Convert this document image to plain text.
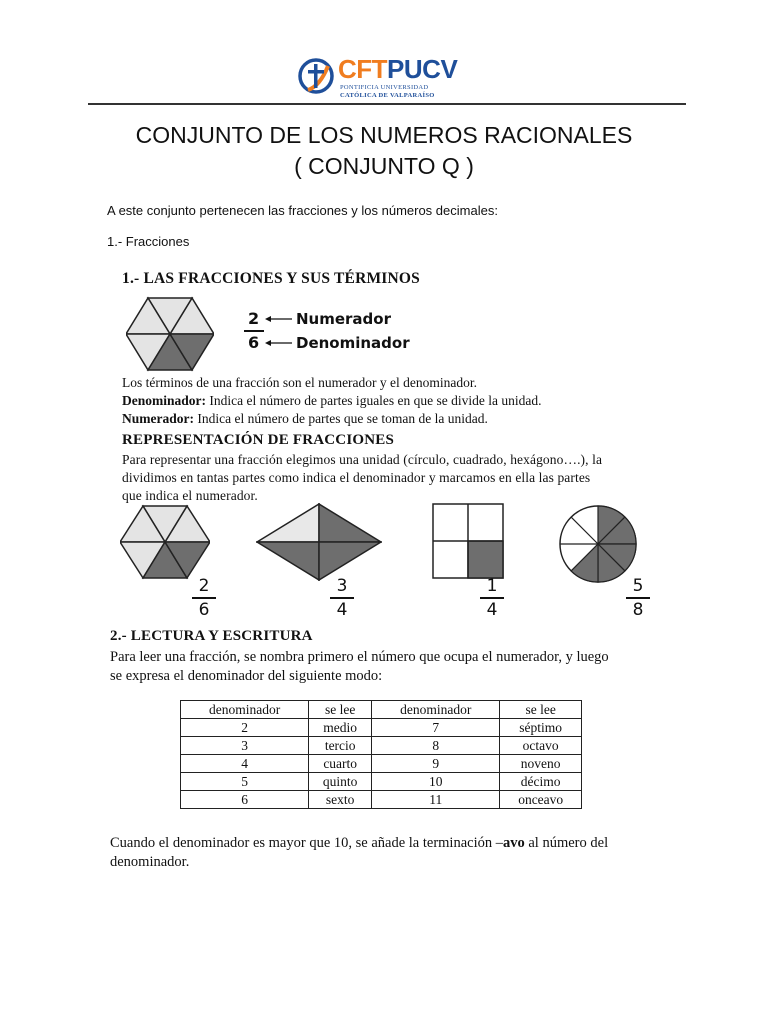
CFTPUCV
PONTIFICIA UNIVERSIDAD
CATÓLICA DE VALPARAÍSO
CONJUNTO DE LOS NUMEROS RACIONALES
( CONJUNTO Q )
A este conjunto pertenecen las fracciones y los números decimales:
1.- Fracciones
1.- LAS FRACCIONES Y SUS TÉRMINOS
2
6
Numerador
Denominador
Los términos de una fracción son el numerador y el denominador.
Denominador: Indica el número de partes iguales en que se divide la unidad.
Numerador: Indica el número de partes que se toman de la unidad.
REPRESENTACIÓN DE FRACCIONES
Para representar una fracción elegimos una unidad (círculo, cuadrado, hexágono….), la
dividimos en tantas partes como indica el denominador y marcamos en ella las partes
que indica el numerador.
2
6
3
4
1
4
5
8
2.- LECTURA Y ESCRITURA
Para leer una fracción, se nombra primero el número que ocupa el numerador, y luego
se expresa el denominador del siguiente modo:
denominador	se lee	denominador	se lee
2	medio	7	séptimo
3	tercio	8	octavo
4	cuarto	9	noveno
5	quinto	10	décimo
6	sexto	11	onceavo
Cuando el denominador es mayor que 10, se añade la terminación –avo al número del
denominador.
